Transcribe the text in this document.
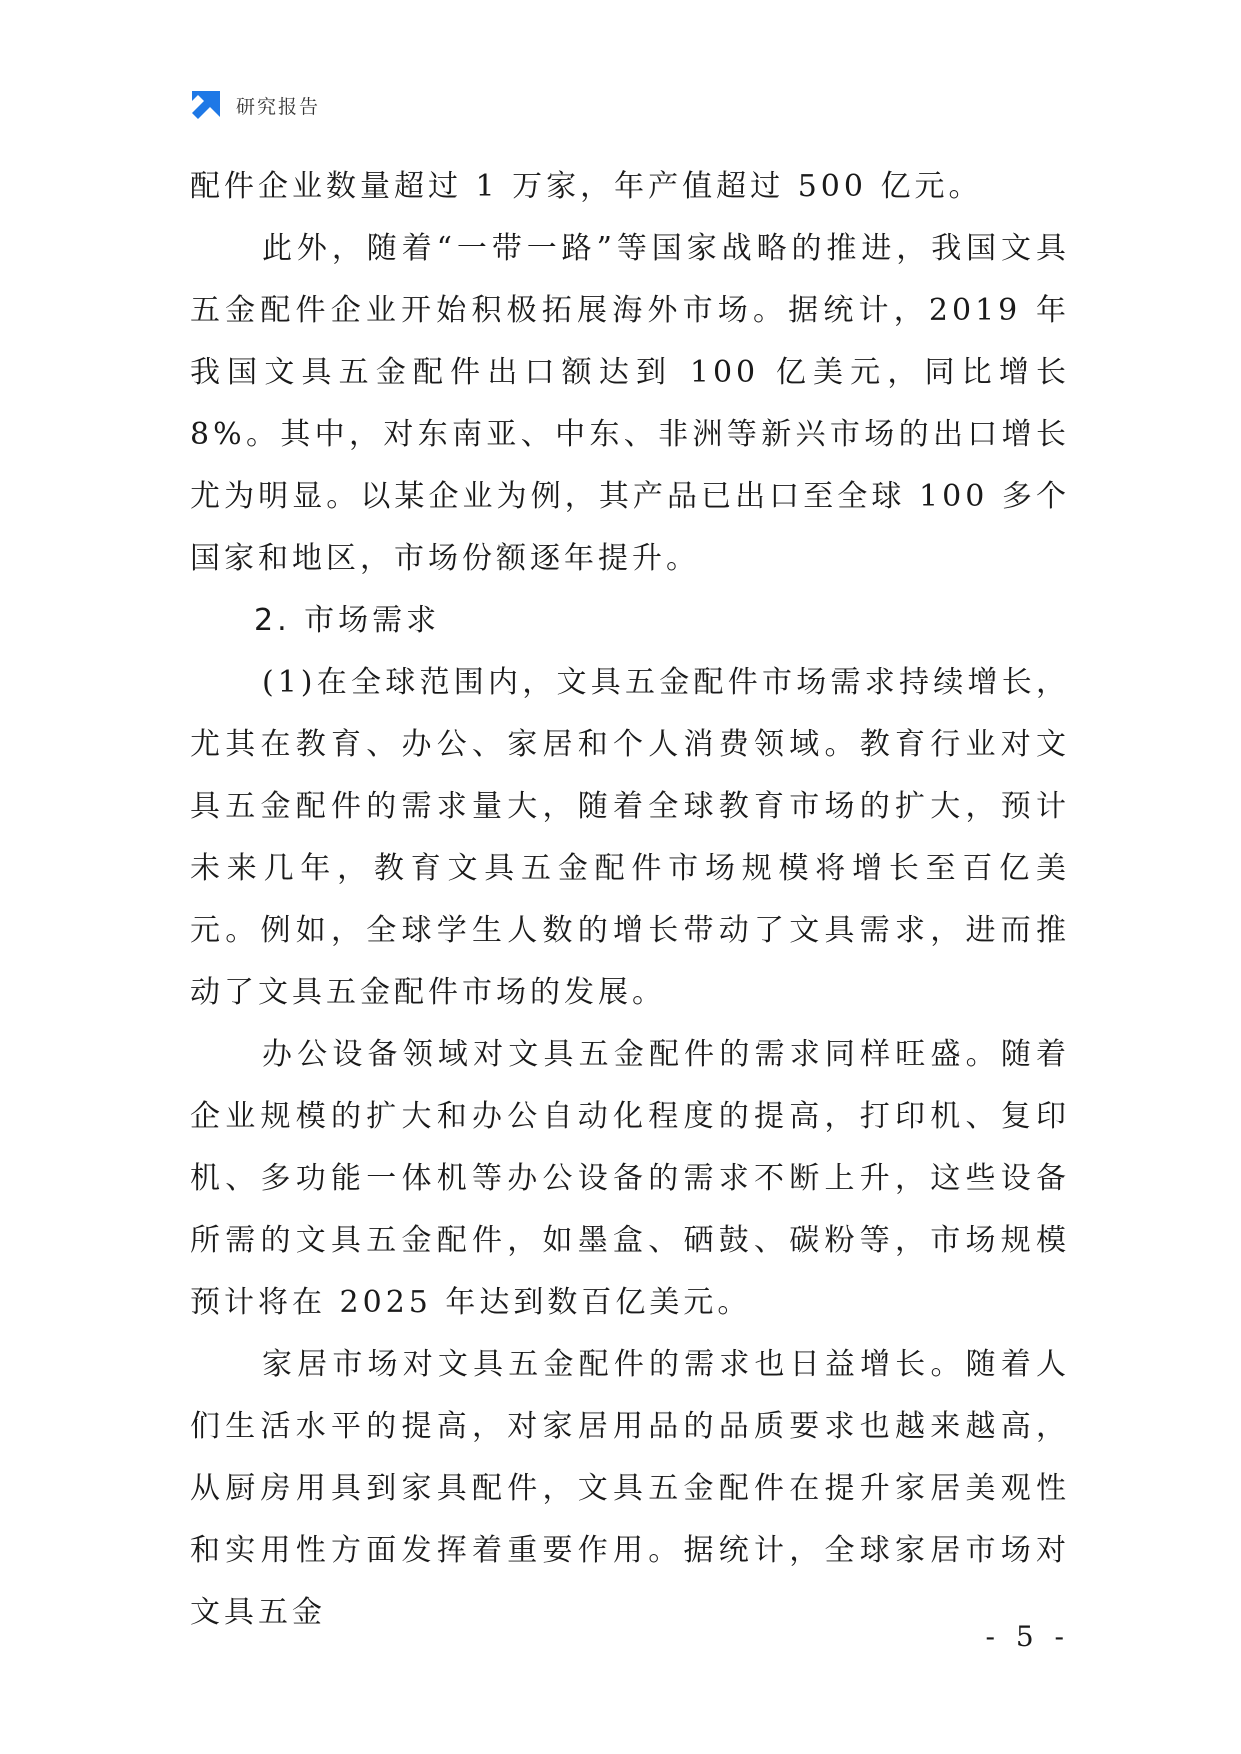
研究报告

配件企业数量超过 1 万家，年产值超过 500 亿元。

此外，随着“一带一路”等国家战略的推进，我国文具五金配件企业开始积极拓展海外市场。据统计，2019 年我国文具五金配件出口额达到 100 亿美元，同比增长 8%。其中，对东南亚、中东、非洲等新兴市场的出口增长尤为明显。以某企业为例，其产品已出口至全球 100 多个国家和地区，市场份额逐年提升。

2. 市场需求

(1)在全球范围内，文具五金配件市场需求持续增长，尤其在教育、办公、家居和个人消费领域。教育行业对文具五金配件的需求量大，随着全球教育市场的扩大，预计未来几年，教育文具五金配件市场规模将增长至百亿美元。例如，全球学生人数的增长带动了文具需求，进而推动了文具五金配件市场的发展。

办公设备领域对文具五金配件的需求同样旺盛。随着企业规模的扩大和办公自动化程度的提高，打印机、复印机、多功能一体机等办公设备的需求不断上升，这些设备所需的文具五金配件，如墨盒、硒鼓、碳粉等，市场规模预计将在 2025 年达到数百亿美元。

家居市场对文具五金配件的需求也日益增长。随着人们生活水平的提高，对家居用品的品质要求也越来越高，从厨房用具到家具配件，文具五金配件在提升家居美观性和实用性方面发挥着重要作用。据统计，全球家居市场对文具五金

- 5 -
